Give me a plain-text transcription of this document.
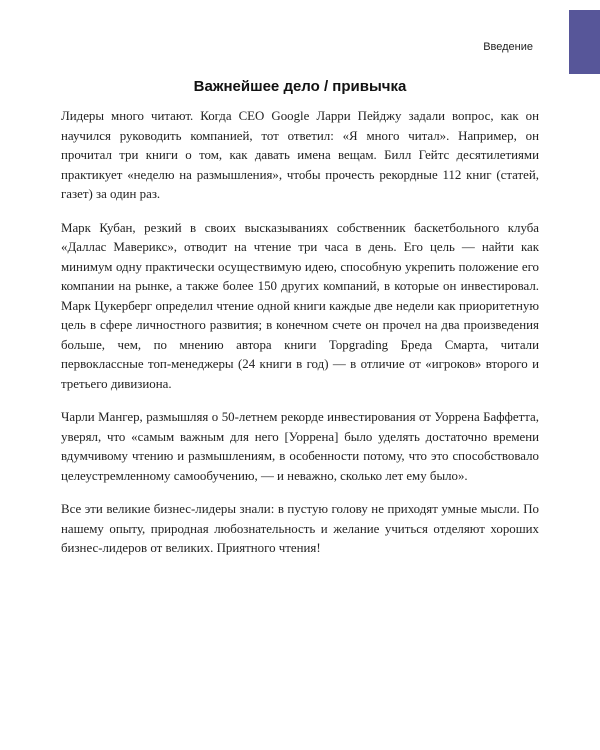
Введение
Важнейшее дело / привычка

Лидеры много читают. Когда CEO Google Ларри Пейджу задали вопрос, как он научился руководить компанией, тот ответил: «Я много читал». Например, он прочитал три книги о том, как давать имена вещам. Билл Гейтс десятилетиями практикует «неделю на размышления», чтобы прочесть рекордные 112 книг (статей, газет) за один раз.

Марк Кубан, резкий в своих высказываниях собственник баскетбольного клуба «Даллас Маверикс», отводит на чтение три часа в день. Его цель — найти как минимум одну практически осуществимую идею, способную укрепить положение его компании на рынке, а также более 150 других компаний, в которые он инвестировал. Марк Цукерберг определил чтение одной книги каждые две недели как приоритетную цель в сфере личностного развития; в конечном счете он прочел на два произведения больше, чем, по мнению автора книги Topgrading Бреда Смарта, читали первоклассные топ-менеджеры (24 книги в год) — в отличие от «игроков» второго и третьего дивизиона.

Чарли Мангер, размышляя о 50-летнем рекорде инвестирования от Уоррена Баффетта, уверял, что «самым важным для него [Уоррена] было уделять достаточно времени вдумчивому чтению и размышлениям, в особенности потому, что это способствовало целеустремленному самообучению, — и неважно, сколько лет ему было».

Все эти великие бизнес-лидеры знали: в пустую голову не приходят умные мысли. По нашему опыту, природная любознательность и желание учиться отделяют хороших бизнес-лидеров от великих. Приятного чтения!
